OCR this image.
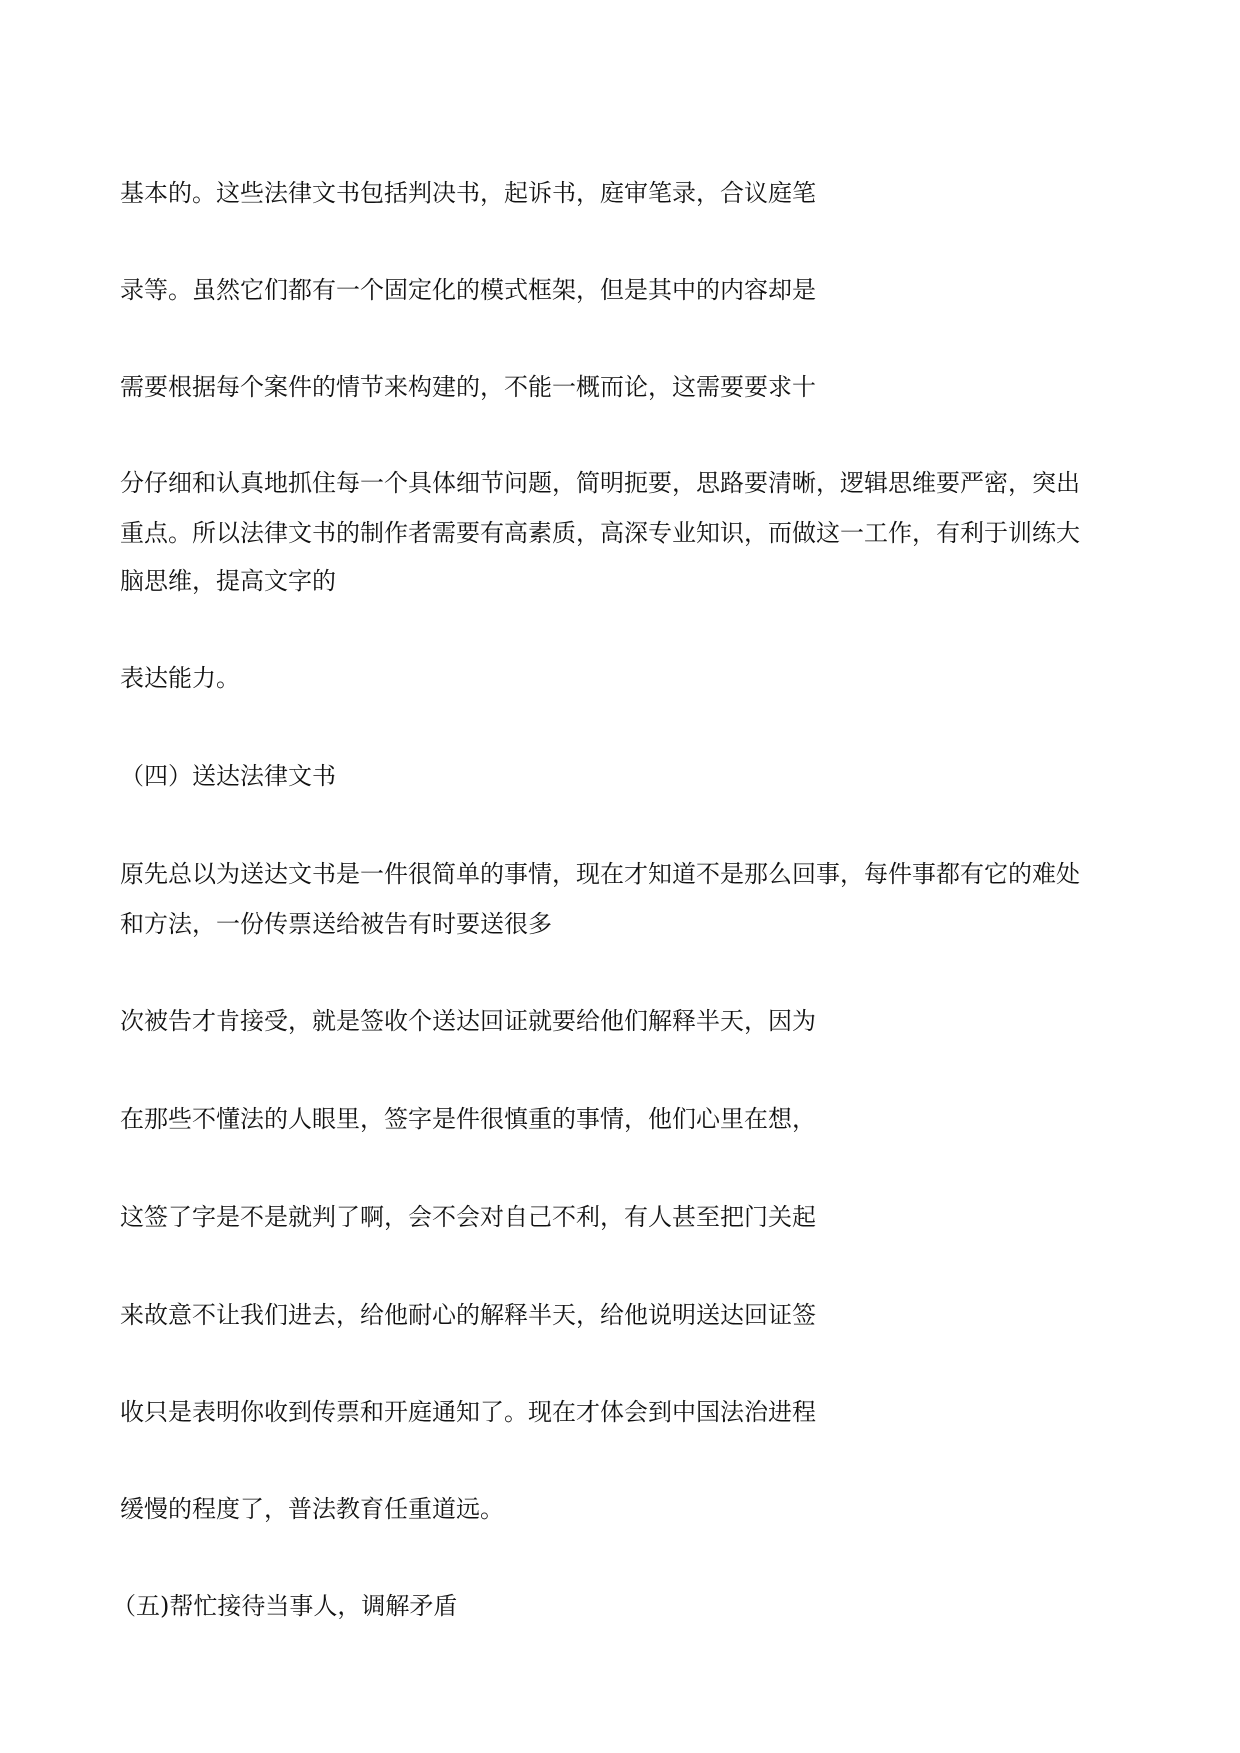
基本的。这些法律文书包括判决书，起诉书，庭审笔录，合议庭笔

录等。虽然它们都有一个固定化的模式框架，但是其中的内容却是

需要根据每个案件的情节来构建的，不能一概而论，这需要要求十

分仔细和认真地抓住每一个具体细节问题，简明扼要，思路要清晰，逻辑思维要严密，突出

重点。所以法律文书的制作者需要有高素质，高深专业知识，而做这一工作，有利于训练大

脑思维，提高文字的

表达能力。

（四）送达法律文书

原先总以为送达文书是一件很简单的事情，现在才知道不是那么回事，每件事都有它的难处

和方法，一份传票送给被告有时要送很多

次被告才肯接受，就是签收个送达回证就要给他们解释半天，因为

在那些不懂法的人眼里，签字是件很慎重的事情，他们心里在想，

这签了字是不是就判了啊，会不会对自己不利，有人甚至把门关起

来故意不让我们进去，给他耐心的解释半天，给他说明送达回证签

收只是表明你收到传票和开庭通知了。现在才体会到中国法治进程

缓慢的程度了，普法教育任重道远。

（五)帮忙接待当事人，调解矛盾
